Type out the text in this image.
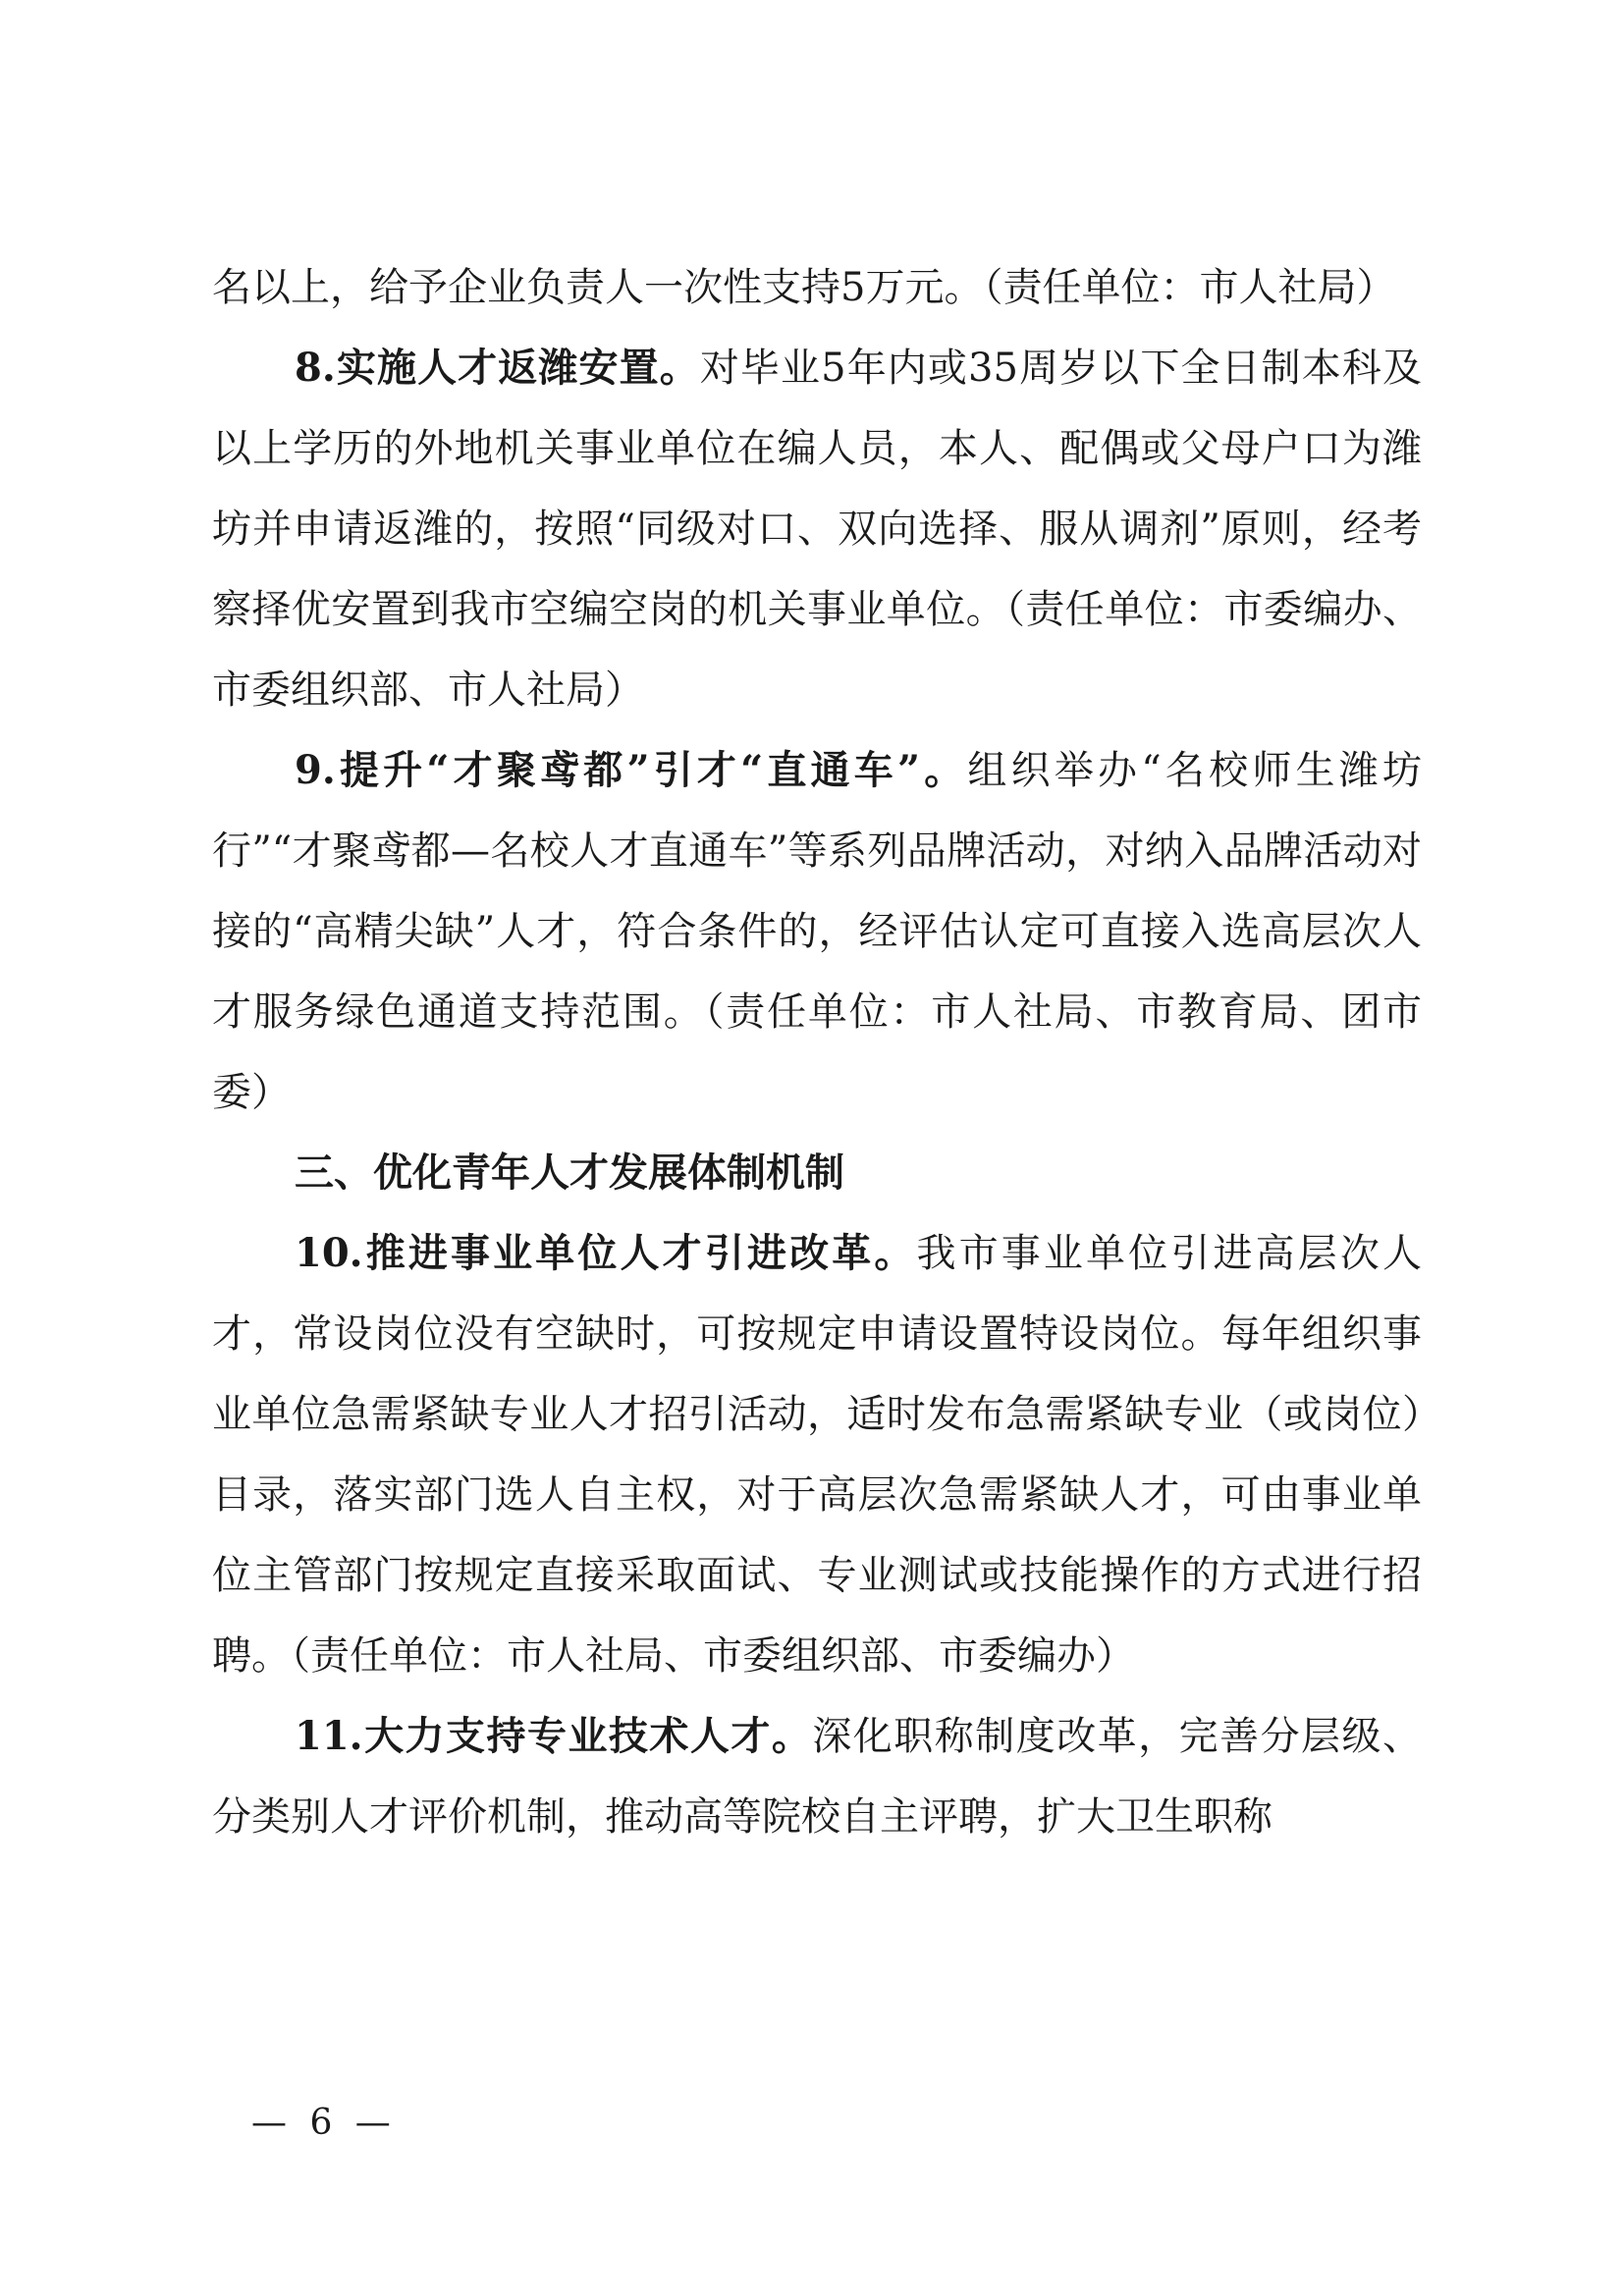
名以上，给予企业负责人一次性支持5万元。（责任单位：市人社局）

8.实施人才返潍安置。对毕业5年内或35周岁以下全日制本科及以上学历的外地机关事业单位在编人员，本人、配偶或父母户口为潍坊并申请返潍的，按照“同级对口、双向选择、服从调剂”原则，经考察择优安置到我市空编空岗的机关事业单位。（责任单位：市委编办、市委组织部、市人社局）

9.提升“才聚鸢都”引才“直通车”。组织举办“名校师生潍坊行”“才聚鸢都—名校人才直通车”等系列品牌活动，对纳入品牌活动对接的“高精尖缺”人才，符合条件的，经评估认定可直接入选高层次人才服务绿色通道支持范围。（责任单位：市人社局、市教育局、团市委）

三、优化青年人才发展体制机制

10.推进事业单位人才引进改革。我市事业单位引进高层次人才，常设岗位没有空缺时，可按规定申请设置特设岗位。每年组织事业单位急需紧缺专业人才招引活动，适时发布急需紧缺专业（或岗位）目录，落实部门选人自主权，对于高层次急需紧缺人才，可由事业单位主管部门按规定直接采取面试、专业测试或技能操作的方式进行招聘。（责任单位：市人社局、市委组织部、市委编办）

11.大力支持专业技术人才。深化职称制度改革，完善分层级、分类别人才评价机制，推动高等院校自主评聘，扩大卫生职称

— 6 —
